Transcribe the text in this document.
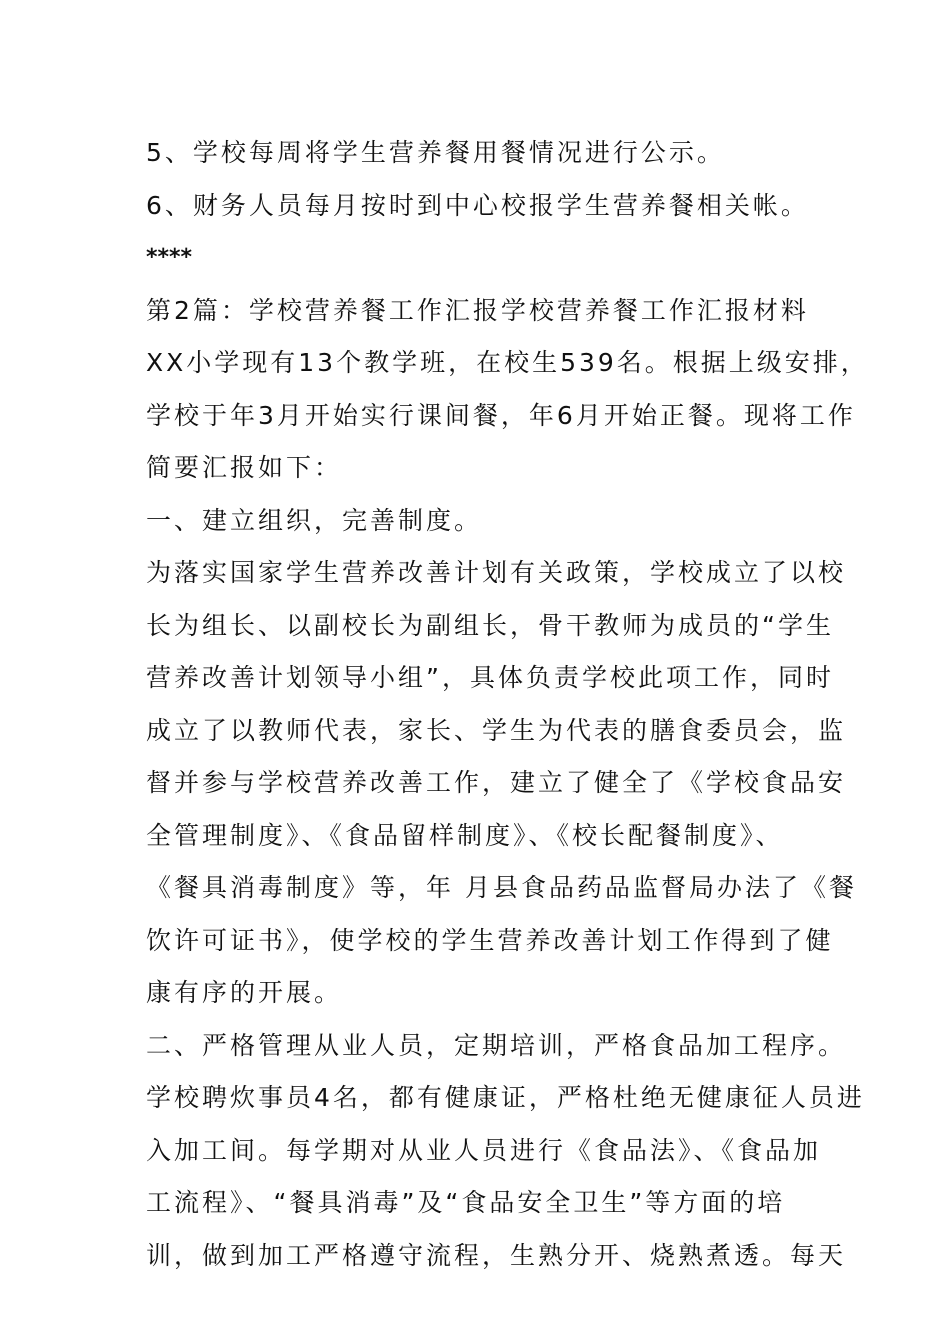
5、学校每周将学生营养餐用餐情况进行公示。
6、财务人员每月按时到中心校报学生营养餐相关帐。
****
第2篇：学校营养餐工作汇报学校营养餐工作汇报材料
XX小学现有13个教学班，在校生539名。根据上级安排，
学校于年3月开始实行课间餐，年6月开始正餐。现将工作
简要汇报如下：
一、建立组织，完善制度。
为落实国家学生营养改善计划有关政策，学校成立了以校
长为组长、以副校长为副组长，骨干教师为成员的“学生
营养改善计划领导小组”，具体负责学校此项工作，同时
成立了以教师代表，家长、学生为代表的膳食委员会，监
督并参与学校营养改善工作，建立了健全了《学校食品安
全管理制度》、《食品留样制度》、《校长配餐制度》、
《餐具消毒制度》等，年 月县食品药品监督局办法了《餐
饮许可证书》，使学校的学生营养改善计划工作得到了健
康有序的开展。
二、严格管理从业人员，定期培训，严格食品加工程序。
学校聘炊事员4名，都有健康证，严格杜绝无健康征人员进
入加工间。每学期对从业人员进行《食品法》、《食品加
工流程》、“餐具消毒”及“食品安全卫生”等方面的培
训，做到加工严格遵守流程，生熟分开、烧熟煮透。每天
